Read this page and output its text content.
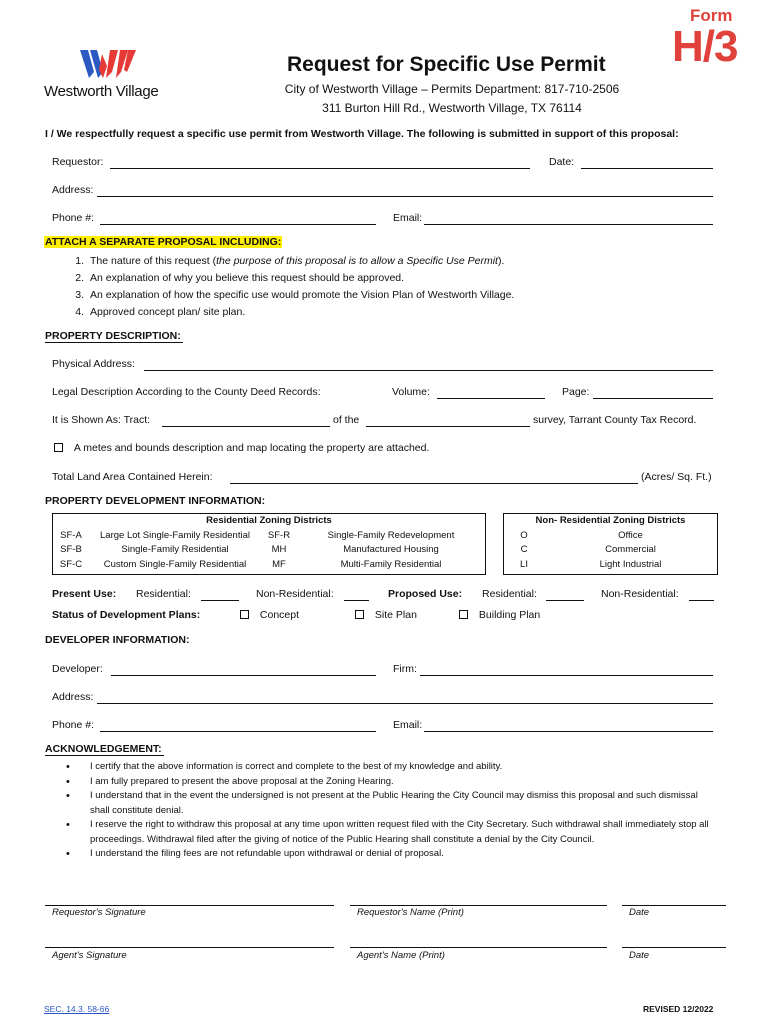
Form
H/3
Westworth Village
Request for Specific Use Permit
City of Westworth Village – Permits Department: 817-710-2506
311 Burton Hill Rd., Westworth Village, TX 76114
I / We respectfully request a specific use permit from Westworth Village. The following is submitted in support of this proposal:
Requestor:	Date:
Address:
Phone #:	Email:
ATTACH A SEPARATE PROPOSAL INCLUDING:
1. The nature of this request (the purpose of this proposal is to allow a Specific Use Permit).
2. An explanation of why you believe this request should be approved.
3. An explanation of how the specific use would promote the Vision Plan of Westworth Village.
4. Approved concept plan/ site plan.
PROPERTY DESCRIPTION:
Physical Address:
Legal Description According to the County Deed Records:	Volume:	Page:
It is Shown As: Tract:	of the	survey, Tarrant County Tax Record.
A metes and bounds description and map locating the property are attached.
Total Land Area Contained Herein:	(Acres/ Sq. Ft.)
PROPERTY DEVELOPMENT INFORMATION:
Residential Zoning Districts			
SF-A	Large Lot Single-Family Residential	SF-R	Single-Family Redevelopment
SF-B	Single-Family Residential	MH	Manufactured Housing
SF-C	Custom Single-Family Residential	MF	Multi-Family Residential
Non- Residential Zoning Districts	
O	Office
C	Commercial
LI	Light Industrial
Present Use: Residential:	Non-Residential:	Proposed Use: Residential:	Non-Residential:
Status of Development Plans:	Concept	Site Plan	Building Plan
DEVELOPER INFORMATION:
Developer:	Firm:
Address:
Phone #:	Email:
ACKNOWLEDGEMENT:
• I certify that the above information is correct and complete to the best of my knowledge and ability.
• I am fully prepared to present the above proposal at the Zoning Hearing.
• I understand that in the event the undersigned is not present at the Public Hearing the City Council may dismiss this proposal and such dismissal shall constitute denial.
• I reserve the right to withdraw this proposal at any time upon written request filed with the City Secretary. Such withdrawal shall immediately stop all proceedings. Withdrawal filed after the giving of notice of the Public Hearing shall constitute a denial by the City Council.
• I understand the filing fees are not refundable upon withdrawal or denial of proposal.
Requestor's Signature	Requestor's Name (Print)	Date
Agent's Signature	Agent's Name (Print)	Date
SEC. 14.3. 58-66	REVISED 12/2022
